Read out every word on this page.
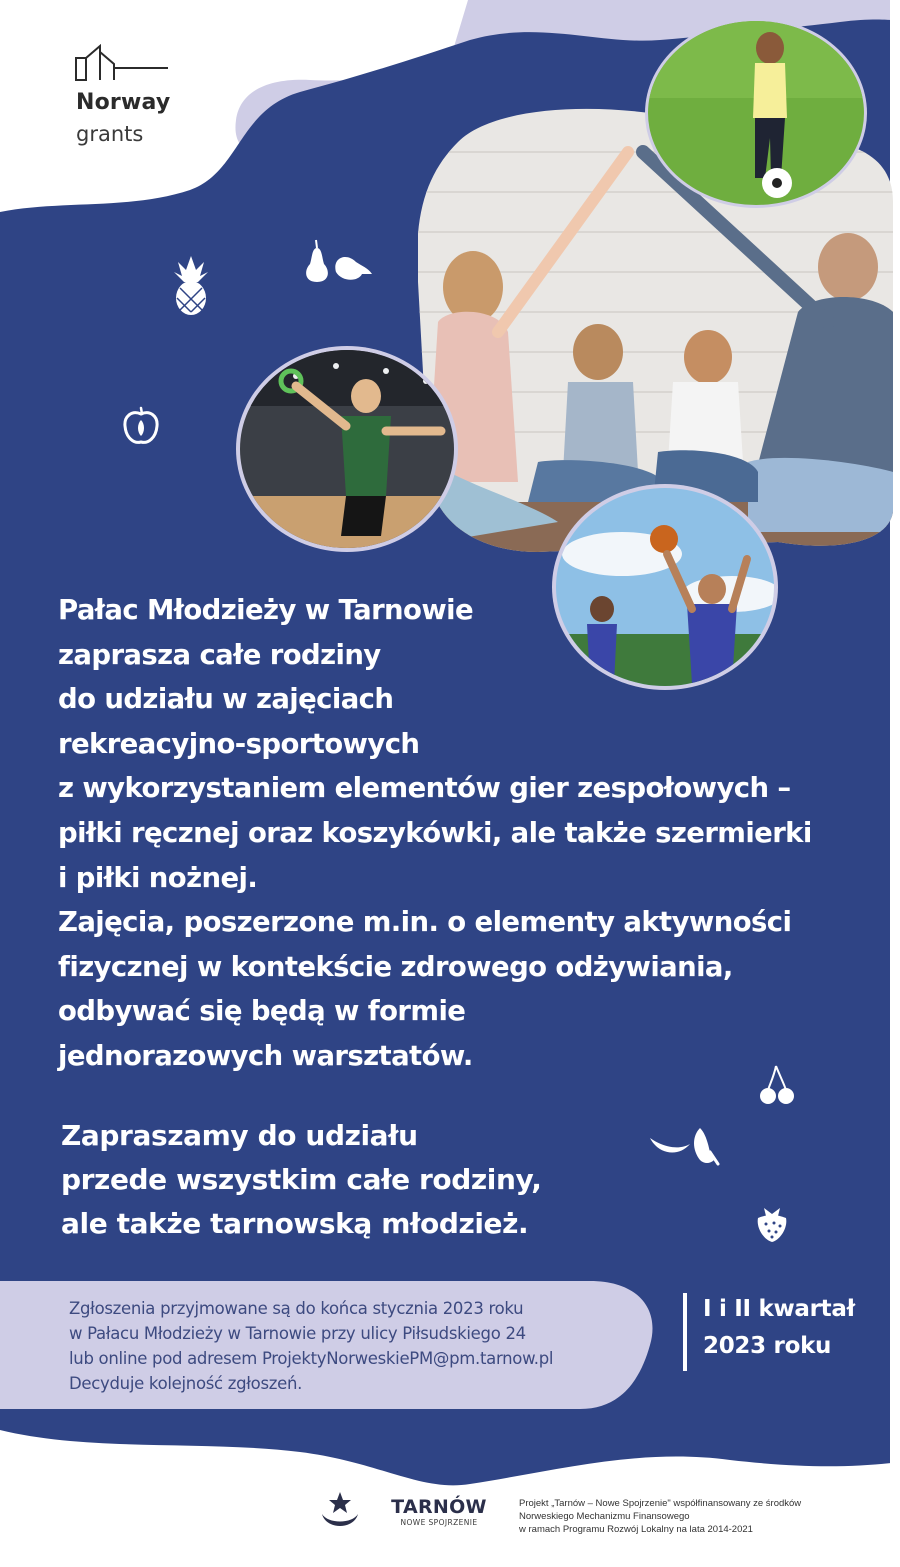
Norway
grants

Pałac Młodzieży w Tarnowie
zaprasza całe rodziny
do udziału w zajęciach
rekreacyjno-sportowych
z wykorzystaniem elementów gier zespołowych –
piłki ręcznej oraz koszykówki, ale także szermierki
i piłki nożnej.
Zajęcia, poszerzone m.in. o elementy aktywności
fizycznej w kontekście zdrowego odżywiania,
odbywać się będą w formie
jednorazowych warsztatów.

Zapraszamy do udziału
przede wszystkim całe rodziny,
ale także tarnowską młodzież.

Zgłoszenia przyjmowane są do końca stycznia 2023 roku
w Pałacu Młodzieży w Tarnowie przy ulicy Piłsudskiego 24
lub online pod adresem ProjektyNorweskiePM@pm.tarnow.pl
Decyduje kolejność zgłoszeń.

I i II kwartał
2023 roku

TARNÓW
NOWE SPOJRZENIE

Projekt „Tarnów – Nowe Spojrzenie" współfinansowany ze środków
Norweskiego Mechanizmu Finansowego
w ramach Programu Rozwój Lokalny na lata 2014-2021
